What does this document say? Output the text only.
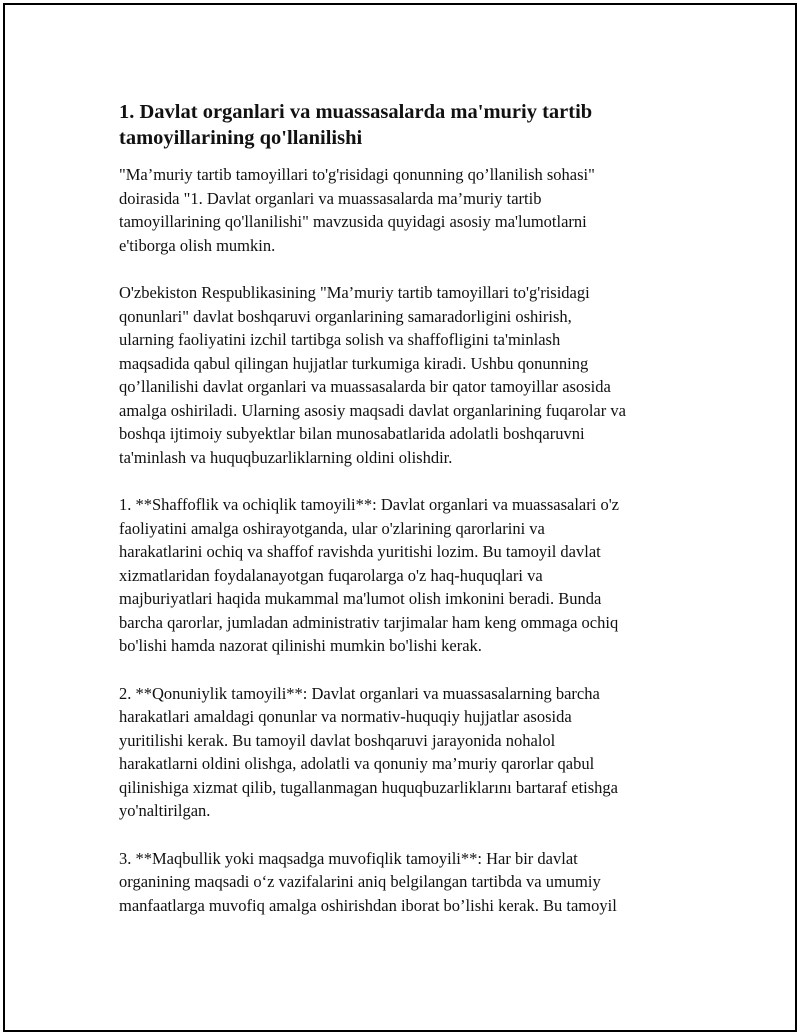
1. Davlat organlari va muassasalarda ma'muriy tartib tamoyillarining qo'llanilishi

"Ma’muriy tartib tamoyillari to'g'risidagi qonunning qo’llanilish sohasi"
doirasida "1. Davlat organlari va muassasalarda ma’muriy tartib
tamoyillarining qo'llanilishi" mavzusida quyidagi asosiy ma'lumotlarni
e'tiborga olish mumkin.

O'zbekiston Respublikasining "Ma’muriy tartib tamoyillari to'g'risidagi
qonunlari" davlat boshqaruvi organlarining samaradorligini oshirish,
ularning faoliyatini izchil tartibga solish va shaffofligini ta'minlash
maqsadida qabul qilingan hujjatlar turkumiga kiradi. Ushbu qonunning
qo’llanilishi davlat organlari va muassasalarda bir qator tamoyillar asosida
amalga oshiriladi. Ularning asosiy maqsadi davlat organlarining fuqarolar va
boshqa ijtimoiy subyektlar bilan munosabatlarida adolatli boshqaruvni
ta'minlash va huquqbuzarliklarning oldini olishdir.

1. **Shaffoflik va ochiqlik tamoyili**: Davlat organlari va muassasalari o'z
faoliyatini amalga oshirayotganda, ular o'zlarining qarorlarini va
harakatlarini ochiq va shaffof ravishda yuritishi lozim. Bu tamoyil davlat
xizmatlaridan foydalanayotgan fuqarolarga o'z haq-huquqlari va
majburiyatlari haqida mukammal ma'lumot olish imkonini beradi. Bunda
barcha qarorlar, jumladan administrativ tarjimalar ham keng ommaga ochiq
bo'lishi hamda nazorat qilinishi mumkin bo'lishi kerak.

2. **Qonuniylik tamoyili**: Davlat organlari va muassasalarning barcha
harakatlari amaldagi qonunlar va normativ-huquqiy hujjatlar asosida
yuritilishi kerak. Bu tamoyil davlat boshqaruvi jarayonida nohalol
harakatlarni oldini olishga, adolatli va qonuniy ma’muriy qarorlar qabul
qilinishiga xizmat qilib, tugallanmagan huquqbuzarliklarını bartaraf etishga
yo'naltirilgan.

3. **Maqbullik yoki maqsadga muvofiqlik tamoyili**: Har bir davlat
organining maqsadi o‘z vazifalarini aniq belgilangan tartibda va umumiy
manfaatlarga muvofiq amalga oshirishdan iborat bo’lishi kerak. Bu tamoyil
